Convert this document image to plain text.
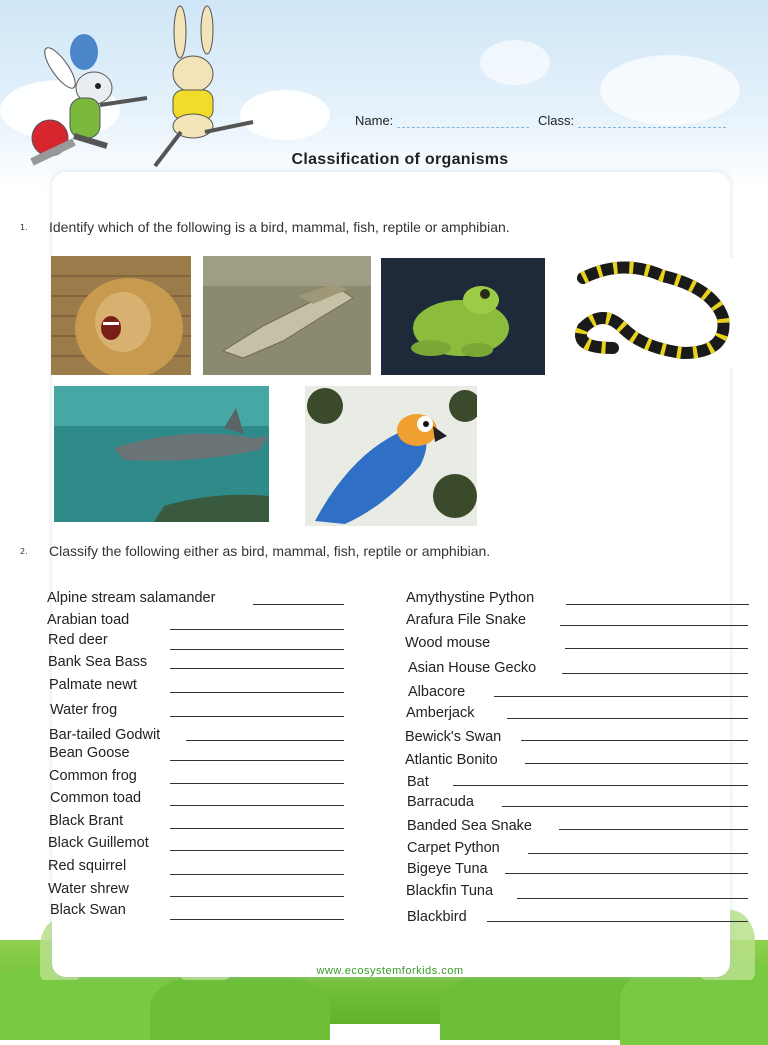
Name:	Class:
Classification of organisms
1. Identify which of the following is a bird, mammal, fish, reptile or amphibian.
2. Classify the following either as bird, mammal, fish, reptile or amphibian.
Alpine stream salamander
Arabian toad
Red deer
Bank Sea Bass
Palmate newt
Water frog
Bar-tailed Godwit
Bean Goose
Common frog
Common toad
Black Brant
Black Guillemot
Red squirrel
Water shrew
Black Swan
Amythystine Python
Arafura File Snake
Wood mouse
Asian House Gecko
Albacore
Amberjack
Bewick's Swan
Atlantic Bonito
Bat
Barracuda
Banded Sea Snake
Carpet Python
Bigeye Tuna
Blackfin Tuna
Blackbird
www.ecosystemforkids.com
